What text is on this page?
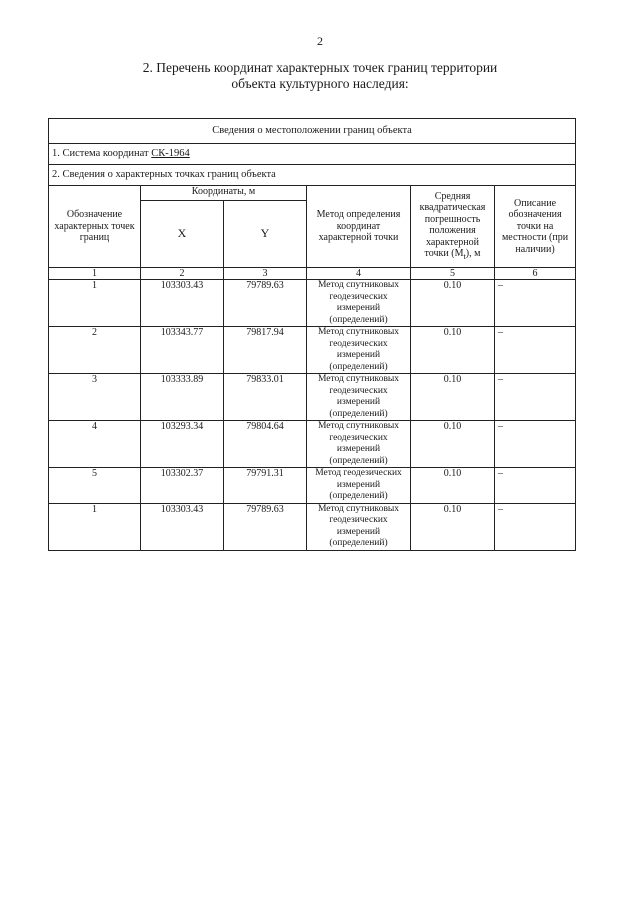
2
2. Перечень координат характерных точек границ территории
объекта культурного наследия:
Сведения о местоположении границ объекта					
1. Система координат СК-1964					
2. Сведения о характерных точках границ объекта					
Обозначение характерных точек границ	Координаты, м		Метод определения координат характерной точки	Средняя квадратическая погрешность положения характерной точки $(M_t)$, м	Описание обозначения точки на местности (при наличии)
	X	Y			
1	2	3	4	5	6
1	103303.43	79789.63	Метод спутниковых геодезических измерений (определений)	0.10	–
2	103343.77	79817.94	Метод спутниковых геодезических измерений (определений)	0.10	–
3	103333.89	79833.01	Метод спутниковых геодезических измерений (определений)	0.10	–
4	103293.34	79804.64	Метод спутниковых геодезических измерений (определений)	0.10	–
5	103302.37	79791.31	Метод геодезических измерений (определений)	0.10	–
1	103303.43	79789.63	Метод спутниковых геодезических измерений (определений)	0.10	–
